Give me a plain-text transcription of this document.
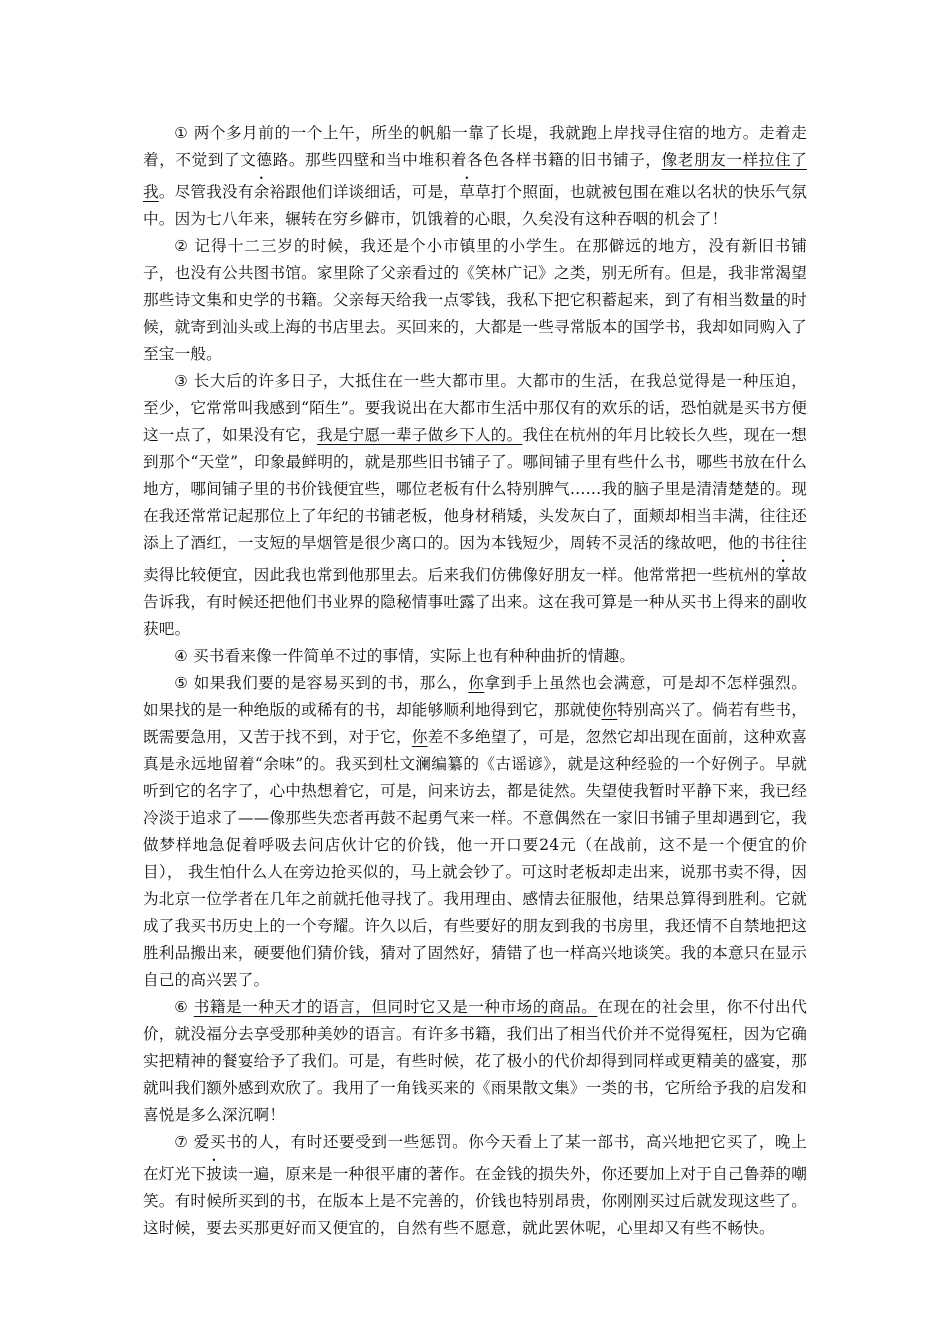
① 两个多月前的一个上午，所坐的帆船一靠了长堤，我就跑上岸找寻住宿的地方。走着走着，不觉到了文德路。那些四壁和当中堆积着各色各样书籍的旧书铺子，像老朋友一样拉住了我。尽管我没有余裕跟他们详谈细话，可是，草草打个照面，也就被包围在难以名状的快乐气氛中。因为七八年来，辗转在穷乡僻市，饥饿着的心眼，久矣没有这种吞咽的机会了！

② 记得十二三岁的时候，我还是个小市镇里的小学生。在那僻远的地方，没有新旧书铺子，也没有公共图书馆。家里除了父亲看过的《笑林广记》之类，别无所有。但是，我非常渴望那些诗文集和史学的书籍。父亲每天给我一点零钱，我私下把它积蓄起来，到了有相当数量的时候，就寄到汕头或上海的书店里去。买回来的，大都是一些寻常版本的国学书，我却如同购入了至宝一般。

③ 长大后的许多日子，大抵住在一些大都市里。大都市的生活，在我总觉得是一种压迫，至少，它常常叫我感到“陌生”。要我说出在大都市生活中那仅有的欢乐的话，恐怕就是买书方便这一点了，如果没有它，我是宁愿一辈子做乡下人的。我住在杭州的年月比较长久些，现在一想到那个“天堂”，印象最鲜明的，就是那些旧书铺子了。哪间铺子里有些什么书，哪些书放在什么地方，哪间铺子里的书价钱便宜些，哪位老板有什么特别脾气……我的脑子里是清清楚楚的。现在我还常常记起那位上了年纪的书铺老板，他身材稍矮，头发灰白了，面颊却相当丰满，往往还添上了酒红，一支短的旱烟管是很少离口的。因为本钱短少，周转不灵活的缘故吧，他的书往往卖得比较便宜，因此我也常到他那里去。后来我们仿佛像好朋友一样。他常常把一些杭州的掌故告诉我，有时候还把他们书业界的隐秘情事吐露了出来。这在我可算是一种从买书上得来的副收获吧。

④ 买书看来像一件简单不过的事情，实际上也有种种曲折的情趣。

⑤ 如果我们要的是容易买到的书，那么，你拿到手上虽然也会满意，可是却不怎样强烈。如果找的是一种绝版的或稀有的书，却能够顺利地得到它，那就使你特别高兴了。倘若有些书，既需要急用，又苦于找不到，对于它，你差不多绝望了，可是，忽然它却出现在面前，这种欢喜真是永远地留着“余味”的。我买到杜文澜编纂的《古谣谚》，就是这种经验的一个好例子。早就听到它的名字了，心中热想着它，可是，问来访去，都是徒然。失望使我暂时平静下来，我已经冷淡于追求了——像那些失恋者再鼓不起勇气来一样。不意偶然在一家旧书铺子里却遇到它，我做梦样地急促着呼吸去问店伙计它的价钱，他一开口要24元（在战前，这不是一个便宜的价目）， 我生怕什么人在旁边抢买似的，马上就会钞了。可这时老板却走出来，说那书卖不得，因为北京一位学者在几年之前就托他寻找了。我用理由、感情去征服他，结果总算得到胜利。它就成了我买书历史上的一个夸耀。许久以后，有些要好的朋友到我的书房里，我还情不自禁地把这胜利品搬出来，硬要他们猜价钱，猜对了固然好，猜错了也一样高兴地谈笑。我的本意只在显示自己的高兴罢了。

⑥ 书籍是一种天才的语言，但同时它又是一种市场的商品。在现在的社会里，你不付出代价，就没福分去享受那种美妙的语言。有许多书籍，我们出了相当代价并不觉得冤枉，因为它确实把精神的餐宴给予了我们。可是，有些时候，花了极小的代价却得到同样或更精美的盛宴，那就叫我们额外感到欢欣了。我用了一角钱买来的《雨果散文集》一类的书，它所给予我的启发和喜悦是多么深沉啊！

⑦ 爱买书的人，有时还要受到一些惩罚。你今天看上了某一部书，高兴地把它买了，晚上在灯光下披读一遍，原来是一种很平庸的著作。在金钱的损失外，你还要加上对于自己鲁莽的嘲笑。有时候所买到的书，在版本上是不完善的，价钱也特别昂贵，你刚刚买过后就发现这些了。这时候，要去买那更好而又便宜的，自然有些不愿意，就此罢休呢，心里却又有些不畅快。
